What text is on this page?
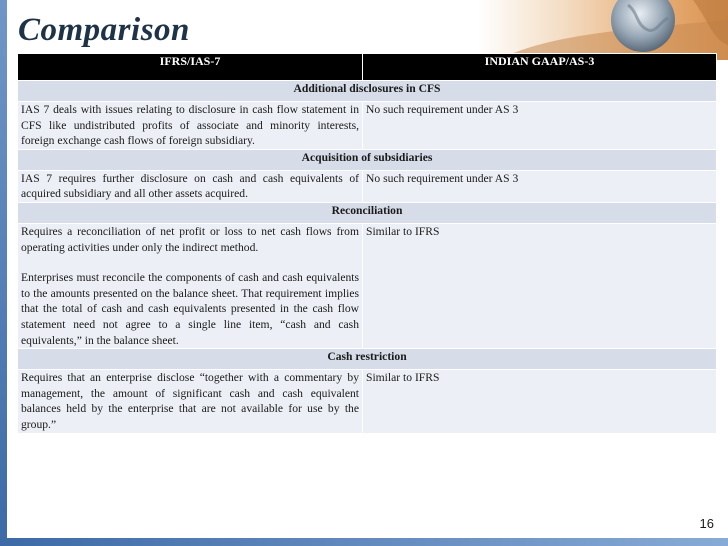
Comparison
IFRS/IAS-7	INDIAN GAAP/AS-3
Additional disclosures in CFS	

IAS 7 deals with issues relating to disclosure in cash flow statement in CFS like undistributed profits of associate and minority interests, foreign exchange cash flows of foreign subsidiary.	No such requirement under AS 3
Acquisition of subsidiaries	

IAS 7 requires further disclosure on cash and cash equivalents of acquired subsidiary and all other assets acquired.	No such requirement under AS 3
Reconciliation	

Requires a reconciliation of net profit or loss to net cash flows from operating activities under only the indirect method.

Enterprises must reconcile the components of cash and cash equivalents to the amounts presented on the balance sheet. That requirement implies that the total of cash and cash equivalents presented in the cash flow statement need not agree to a single line item, “cash and cash equivalents,” in the balance sheet.	Similar to IFRS
Cash restriction	

Requires that an enterprise disclose “together with a commentary by management, the amount of significant cash and cash equivalent balances held by the enterprise that are not available for use by the group.”	Similar to IFRS
16
